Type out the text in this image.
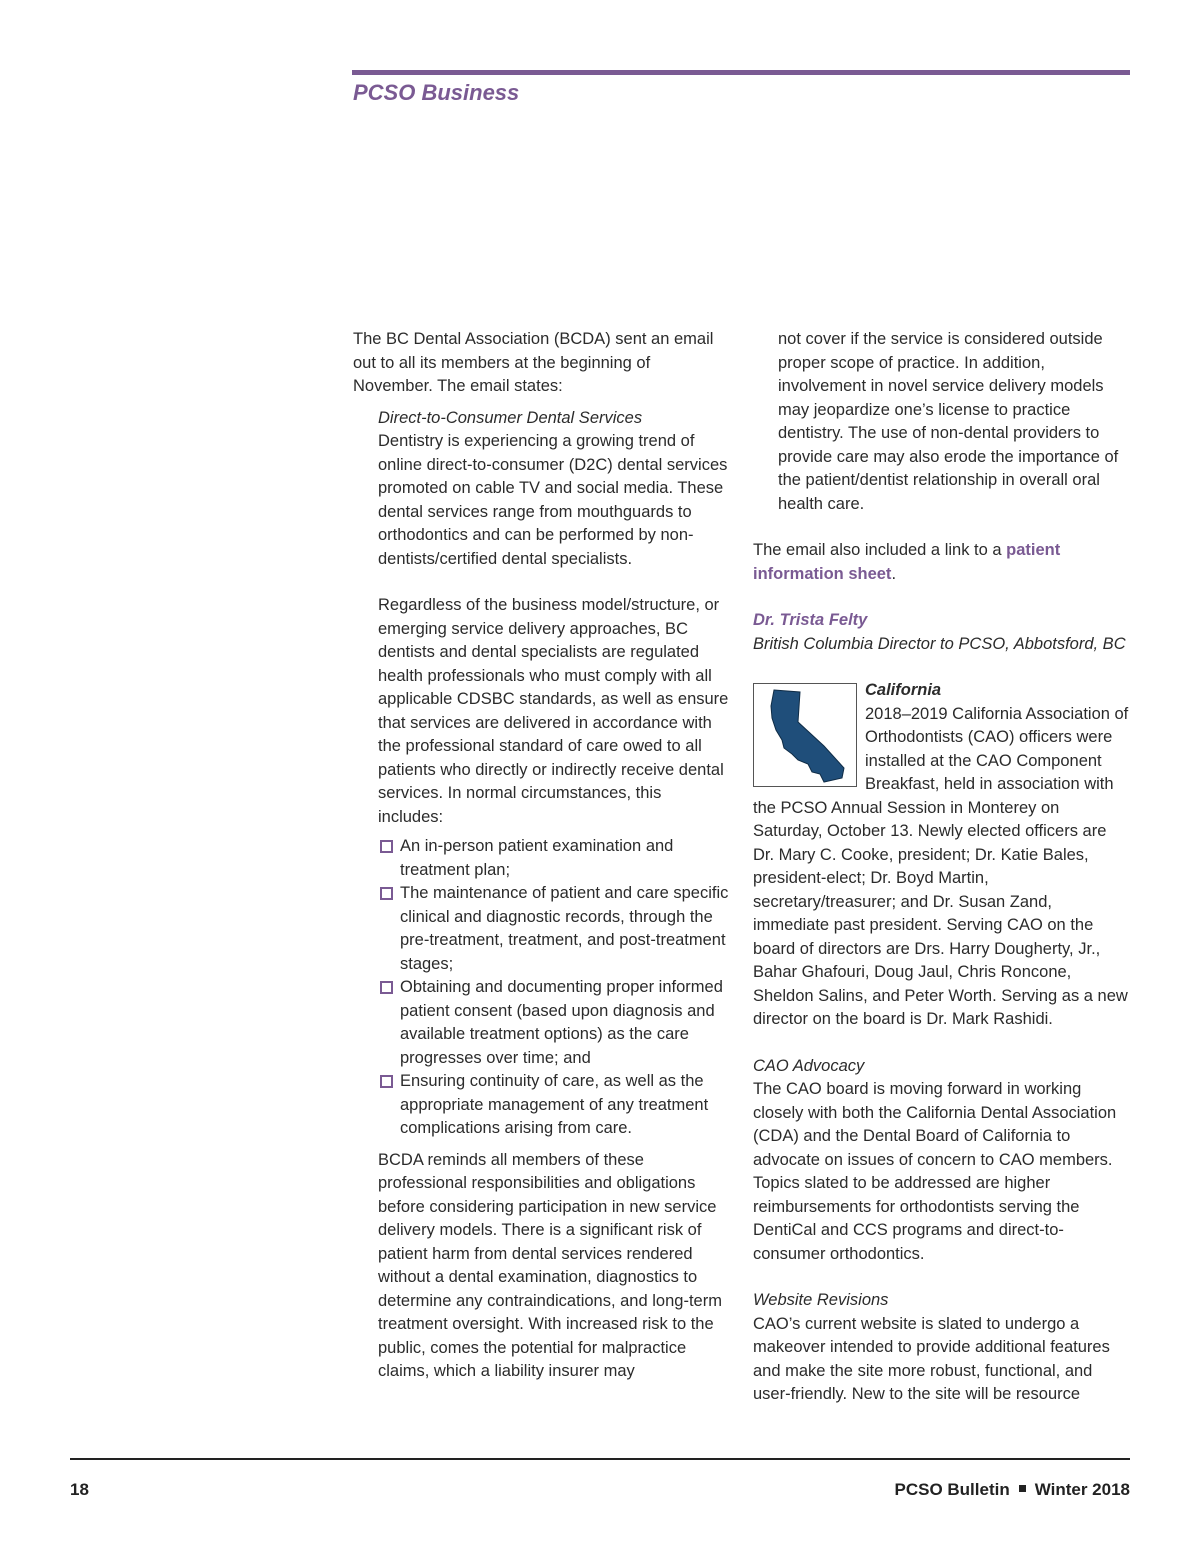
PCSO Business

The BC Dental Association (BCDA) sent an email out to all its members at the beginning of November. The email states:

Direct-to-Consumer Dental Services

Dentistry is experiencing a growing trend of online direct-to-consumer (D2C) dental services promoted on cable TV and social media. These dental services range from mouthguards to orthodontics and can be performed by non-dentists/certified dental specialists.

Regardless of the business model/structure, or emerging service delivery approaches, BC dentists and dental specialists are regulated health professionals who must comply with all applicable CDSBC standards, as well as ensure that services are delivered in accordance with the professional standard of care owed to all patients who directly or indirectly receive dental services. In normal circumstances, this includes:

An in-person patient examination and treatment plan;
The maintenance of patient and care specific clinical and diagnostic records, through the pre-treatment, treatment, and post-treatment stages;
Obtaining and documenting proper informed patient consent (based upon diagnosis and available treatment options) as the care progresses over time; and
Ensuring continuity of care, as well as the appropriate management of any treatment complications arising from care.

BCDA reminds all members of these professional responsibilities and obligations before considering participation in new service delivery models. There is a significant risk of patient harm from dental services rendered without a dental examination, diagnostics to determine any contraindications, and long-term treatment oversight. With increased risk to the public, comes the potential for malpractice claims, which a liability insurer may

not cover if the service is considered outside proper scope of practice. In addition, involvement in novel service delivery models may jeopardize one’s license to practice dentistry. The use of non-dental providers to provide care may also erode the importance of the patient/dentist relationship in overall oral health care.

The email also included a link to a patient information sheet.

Dr. Trista Felty

British Columbia Director to PCSO, Abbotsford, BC

California

2018–2019 California Association of Orthodontists (CAO) officers were installed at the CAO Component Breakfast, held in association with the PCSO Annual Session in Monterey on Saturday, October 13. Newly elected officers are Dr. Mary C. Cooke, president; Dr. Katie Bales, president-elect; Dr. Boyd Martin, secretary/treasurer; and Dr. Susan Zand, immediate past president. Serving CAO on the board of directors are Drs. Harry Dougherty, Jr., Bahar Ghafouri, Doug Jaul, Chris Roncone, Sheldon Salins, and Peter Worth. Serving as a new director on the board is Dr. Mark Rashidi.

CAO Advocacy

The CAO board is moving forward in working closely with both the California Dental Association (CDA) and the Dental Board of California to advocate on issues of concern to CAO members. Topics slated to be addressed are higher reimbursements for orthodontists serving the DentiCal and CCS programs and direct-to-consumer orthodontics.

Website Revisions

CAO’s current website is slated to undergo a makeover intended to provide additional features and make the site more robust, functional, and user-friendly. New to the site will be resource

18	PCSO Bulletin Winter 2018
